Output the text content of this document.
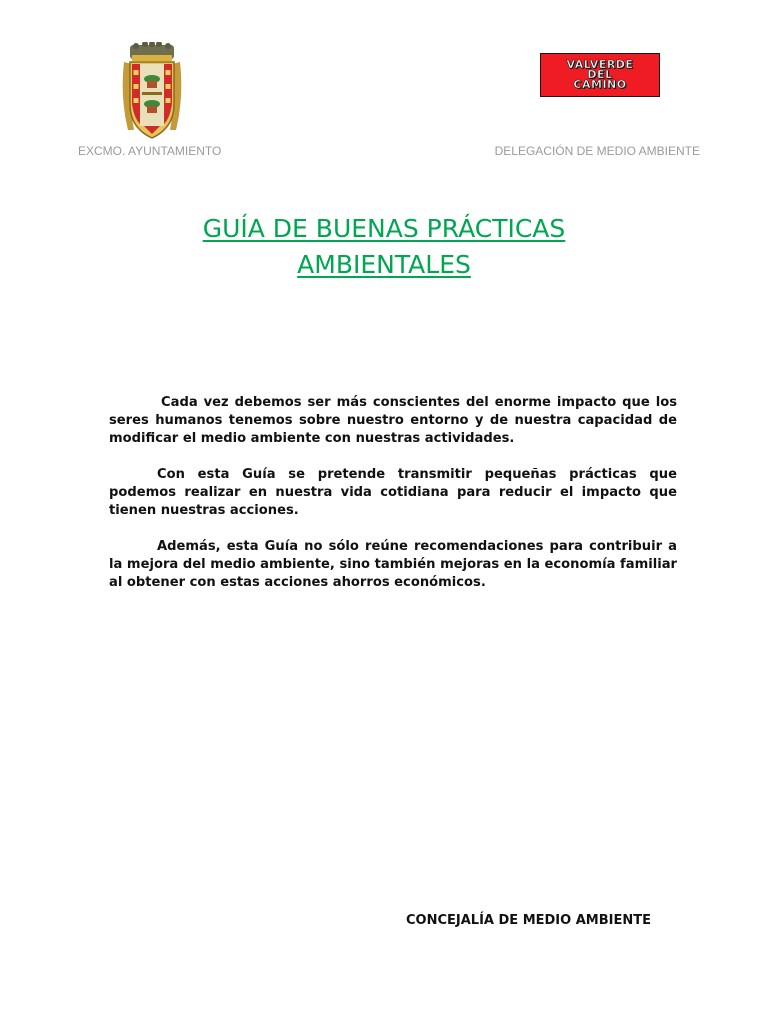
VALVERDE
DEL
CAMINO
EXCMO. AYUNTAMIENTO	DELEGACIÓN DE MEDIO AMBIENTE
GUÍA DE BUENAS PRÁCTICAS
AMBIENTALES

Cada vez debemos ser más conscientes del enorme impacto que los seres humanos tenemos sobre nuestro entorno y de nuestra capacidad de modificar el medio ambiente con nuestras actividades.

Con esta Guía se pretende transmitir pequeñas prácticas que podemos realizar en nuestra vida cotidiana para reducir el impacto que tienen nuestras acciones.

Además, esta Guía no sólo reúne recomendaciones para contribuir a la mejora del medio ambiente, sino también mejoras en la economía familiar al obtener con estas acciones ahorros económicos.

CONCEJALÍA DE MEDIO AMBIENTE
